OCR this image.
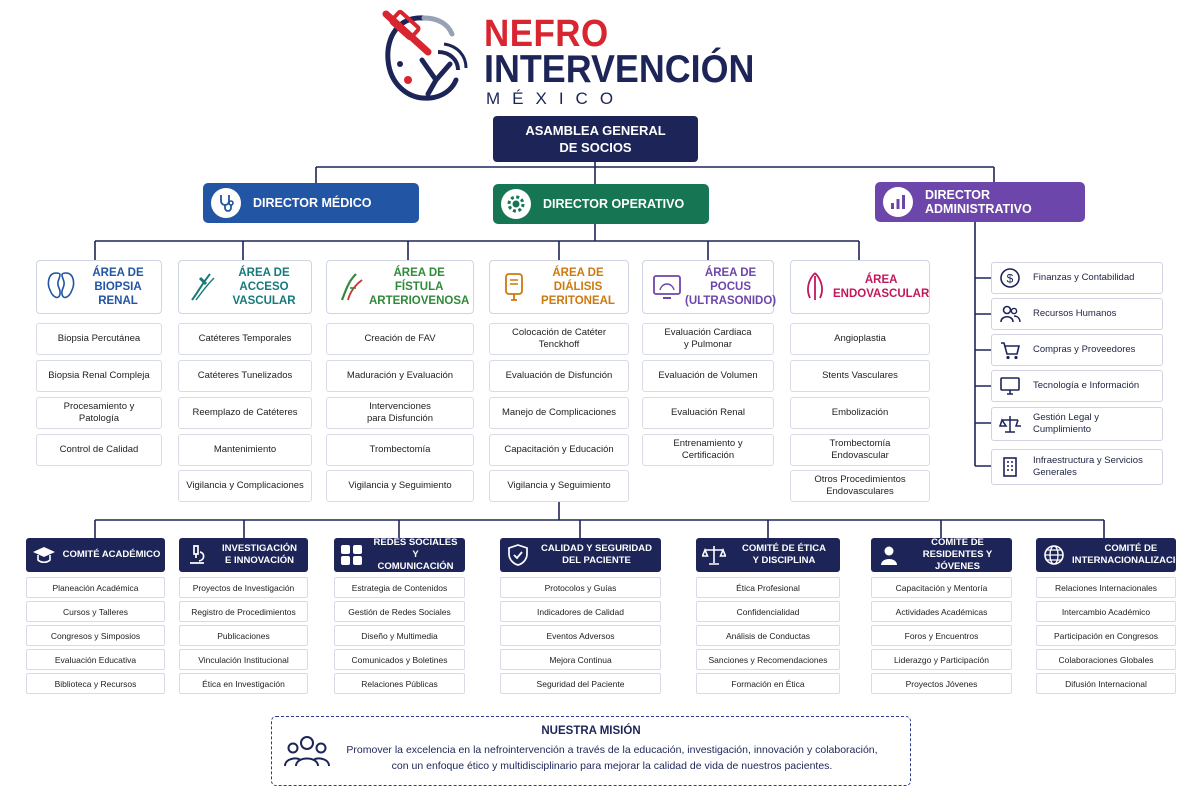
NEFRO
INTERVENCIÓN
MÉXICO
ASAMBLEA GENERAL
DE SOCIOS
DIRECTOR MÉDICO	DIRECTOR OPERATIVO
DIRECTOR ADMINISTRATIVO
ÁREA DE
BIOPSIA RENAL
Biopsia Percutánea
Biopsia Renal Compleja
Procesamiento y
Patología
Control de Calidad
ÁREA DE
ACCESO VASCULAR
Catéteres Temporales
Catéteres Tunelizados
Reemplazo de Catéteres
Mantenimiento
Vigilancia y Complicaciones
ÁREA DE
FÍSTULA ARTERIOVENOSA
Creación de FAV
Maduración y Evaluación
Intervenciones
para Disfunción
Trombectomía
Vigilancia y Seguimiento
ÁREA DE
DIÁLISIS PERITONEAL
Colocación de Catéter
Tenckhoff
Evaluación de Disfunción
Manejo de Complicaciones
Capacitación y Educación
Vigilancia y Seguimiento
ÁREA DE
POCUS
(ULTRASONIDO)
Evaluación Cardiaca
y Pulmonar
Evaluación de Volumen
Evaluación Renal
Entrenamiento y
Certificación
ÁREA
ENDOVASCULAR
Angioplastia
Stents Vasculares
Embolización
Trombectomía
Endovascular
Otros Procedimientos
Endovasculares
$ Finanzas y Contabilidad
Recursos Humanos
Compras y Proveedores
Tecnología e Información
Gestión Legal y
Cumplimiento
Infraestructura y Servicios
Generales
COMITÉ ACADÉMICO
Planeación Académica
Cursos y Talleres
Congresos y Simposios
Evaluación Educativa
Biblioteca y Recursos
INVESTIGACIÓN
E INNOVACIÓN
Proyectos de Investigación
Registro de Procedimientos
Publicaciones
Vinculación Institucional
Ética en Investigación
REDES SOCIALES Y
COMUNICACIÓN
Estrategia de Contenidos
Gestión de Redes Sociales
Diseño y Multimedia
Comunicados y Boletines
Relaciones Públicas
CALIDAD Y SEGURIDAD
DEL PACIENTE
Protocolos y Guías
Indicadores de Calidad
Eventos Adversos
Mejora Continua
Seguridad del Paciente
COMITÉ DE ÉTICA
Y DISCIPLINA
Ética Profesional
Confidencialidad
Análisis de Conductas
Sanciones y Recomendaciones
Formación en Ética
COMITÉ DE
RESIDENTES Y JÓVENES
Capacitación y Mentoría
Actividades Académicas
Foros y Encuentros
Liderazgo y Participación
Proyectos Jóvenes
COMITÉ DE
INTERNACIONALIZACIÓN
Relaciones Internacionales
Intercambio Académico
Participación en Congresos
Colaboraciones Globales
Difusión Internacional
NUESTRA MISIÓN
Promover la excelencia en la nefrointervención a través de la educación, investigación, innovación y colaboración,
con un enfoque ético y multidisciplinario para mejorar la calidad de vida de nuestros pacientes.
